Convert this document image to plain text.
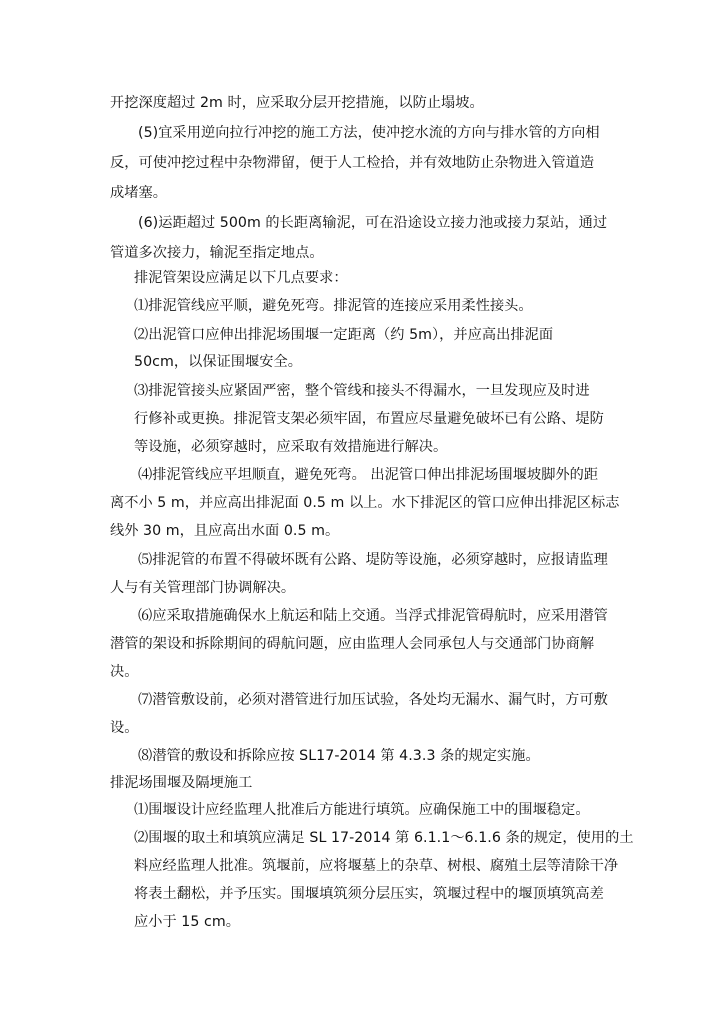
开挖深度超过 2m 时，应采取分层开挖措施，以防止塌坡。
(5)宜采用逆向拉行冲挖的施工方法，使冲挖水流的方向与排水管的方向相
反，可使冲挖过程中杂物滞留，便于人工检拾，并有效地防止杂物进入管道造
成堵塞。
(6)运距超过 500m 的长距离输泥，可在沿途设立接力池或接力泵站，通过
管道多次接力，输泥至指定地点。
排泥管架设应满足以下几点要求：
⑴排泥管线应平顺，避免死弯。排泥管的连接应采用柔性接头。
⑵出泥管口应伸出排泥场围堰一定距离（约 5m），并应高出排泥面
50cm，以保证围堰安全。
⑶排泥管接头应紧固严密，整个管线和接头不得漏水，一旦发现应及时进
行修补或更换。排泥管支架必须牢固，布置应尽量避免破坏已有公路、堤防
等设施，必须穿越时，应采取有效措施进行解决。
⑷排泥管线应平坦顺直，避免死弯。 出泥管口伸出排泥场围堰坡脚外的距
离不小 5 m，并应高出排泥面 0.5 m 以上。水下排泥区的管口应伸出排泥区标志
线外 30 m，且应高出水面 0.5 m。
⑸排泥管的布置不得破坏既有公路、堤防等设施，必须穿越时，应报请监理
人与有关管理部门协调解决。
⑹应采取措施确保水上航运和陆上交通。当浮式排泥管碍航时，应采用潜管
潜管的架设和拆除期间的碍航问题，应由监理人会同承包人与交通部门协商解
决。
⑺潜管敷设前，必须对潜管进行加压试验，各处均无漏水、漏气时，方可敷
设。
⑻潜管的敷设和拆除应按 SL17-2014 第 4.3.3 条的规定实施。
排泥场围堰及隔埂施工
⑴围堰设计应经监理人批准后方能进行填筑。应确保施工中的围堰稳定。
⑵围堰的取土和填筑应满足 SL 17-2014 第 6.1.1～6.1.6 条的规定，使用的土
料应经监理人批准。筑堰前，应将堰墓上的杂草、树根、腐殖土层等清除干净
将表土翻松，并予压实。围堰填筑须分层压实，筑堰过程中的堰顶填筑高差
应小于 15 cm。
